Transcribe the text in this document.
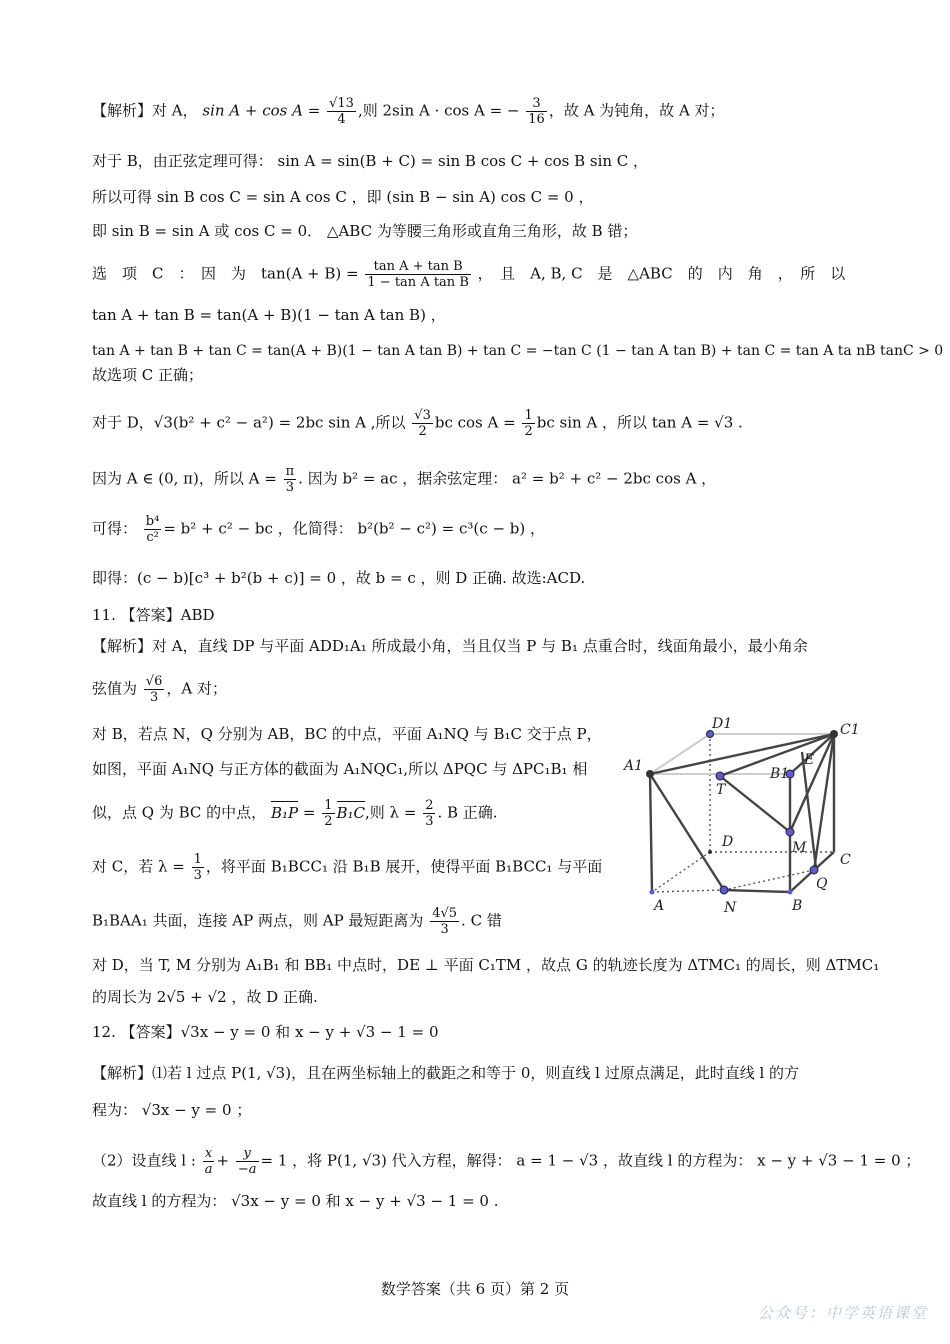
【解析】对 A， $\sin A + \cos A = \frac{√13}{4}$ ,则 2sin A · cos A = − $\frac{3}{16}$ ，故 A 为钝角，故 A 对；
对于 B，由正弦定理可得： sin A = sin(B + C) = sin B cos C + cos B sin C ，
所以可得 sin B cos C = sin A cos C ，即 (sin B − sin A) cos C = 0 ，
即 sin B = sin A 或 cos C = 0． △ABC 为等腰三角形或直角三角形，故 B 错；
选　项　C　：　因　为　$\tan(A + B) = \frac{\text{tan A + tan B}}{\text{1 − tan A tan B}}$ ，　且　A, B, C　是　△ABC　的　内　角　，　所　以
tan A + tan B = tan(A + B)(1 − tan A tan B) ，
tan A + tan B + tan C = tan(A + B)(1 − tan A tan B) + tan C = −tan C (1 − tan A tan B) + tan C = tan A ta nB tanC > 0
故选项 C 正确；
对于 D，√3(b² + c² − a²) = 2bc sin A ,所以 $\frac{√3}{2}$ bc $\cos A = \frac{1}{2}$ bc sin A ，所以 tan A = √3 .
因为 A ∈ (0, π)，所以 $A = \frac{\pi}{3}$ . 因为 b² = ac ，据余弦定理： a² = b² + c² − 2bc cos A ，
可得： $\frac{\text{b⁴}}{\text{c²}} = b^2 + c^2$ − bc ，化简得： b²(b² − c²) = c³(c − b) ，
即得：(c − b)[c³ + b²(b + c)] = 0 ，故 b = c ，则 D 正确. 故选:ACD.
11. 【答案】ABD
【解析】对 A，直线 DP 与平面 ADD₁A₁ 所成最小角，当且仅当 P 与 B₁ 点重合时，线面角最小，最小角余
弦值为 $\frac{√6}{3}$ ，A 对；
对 B，若点 N，Q 分别为 AB，BC 的中点，平面 A₁NQ 与 B₁C 交于点 P，
如图，平面 A₁NQ 与正方体的截面为 A₁NQC₁,所以 ΔPQC 与 ΔPC₁B₁ 相
似，点 Q 为 BC 的中点， $B_1P = \frac{1}{2} B_1C$,则 $\lambda = \frac{2}{3}$ . B 正确.
对 C，若 $\lambda = \frac{1}{3}$ ，将平面 B₁BCC₁ 沿 B₁B 展开，使得平面 B₁BCC₁ 与平面
B₁BAA₁ 共面，连接 AP 两点，则 AP 最短距离为 $\frac{4√5}{3}$ . C 错
对 D，当 T, M 分别为 A₁B₁ 和 BB₁ 中点时，DE ⊥ 平面 C₁TM ，故点 G 的轨迹长度为 ΔTMC₁ 的周长，则 ΔTMC₁
的周长为 2√5 + √2 ，故 D 正确.
12. 【答案】√3x − y = 0 和 x − y + √3 − 1 = 0
【解析】⑴若 l 过点 P(1, √3)，且在两坐标轴上的截距之和等于 0，则直线 l 过原点满足，此时直线 l 的方
程为： √3x − y = 0 ；
（2）设直线 l : $\frac{x}{a} + \frac{y}{-a} = 1$ ，将 P(1, √3) 代入方程，解得： a = 1 − √3 ，故直线 l 的方程为： x − y + √3 − 1 = 0 ；
故直线 l 的方程为： √3x − y = 0 和 x − y + √3 − 1 = 0 .
D1	C1
A1	B1
E
T
M
D
C
Q
A	N	B
数学答案（共 6 页）第 2 页
公众号：中学英语课堂
